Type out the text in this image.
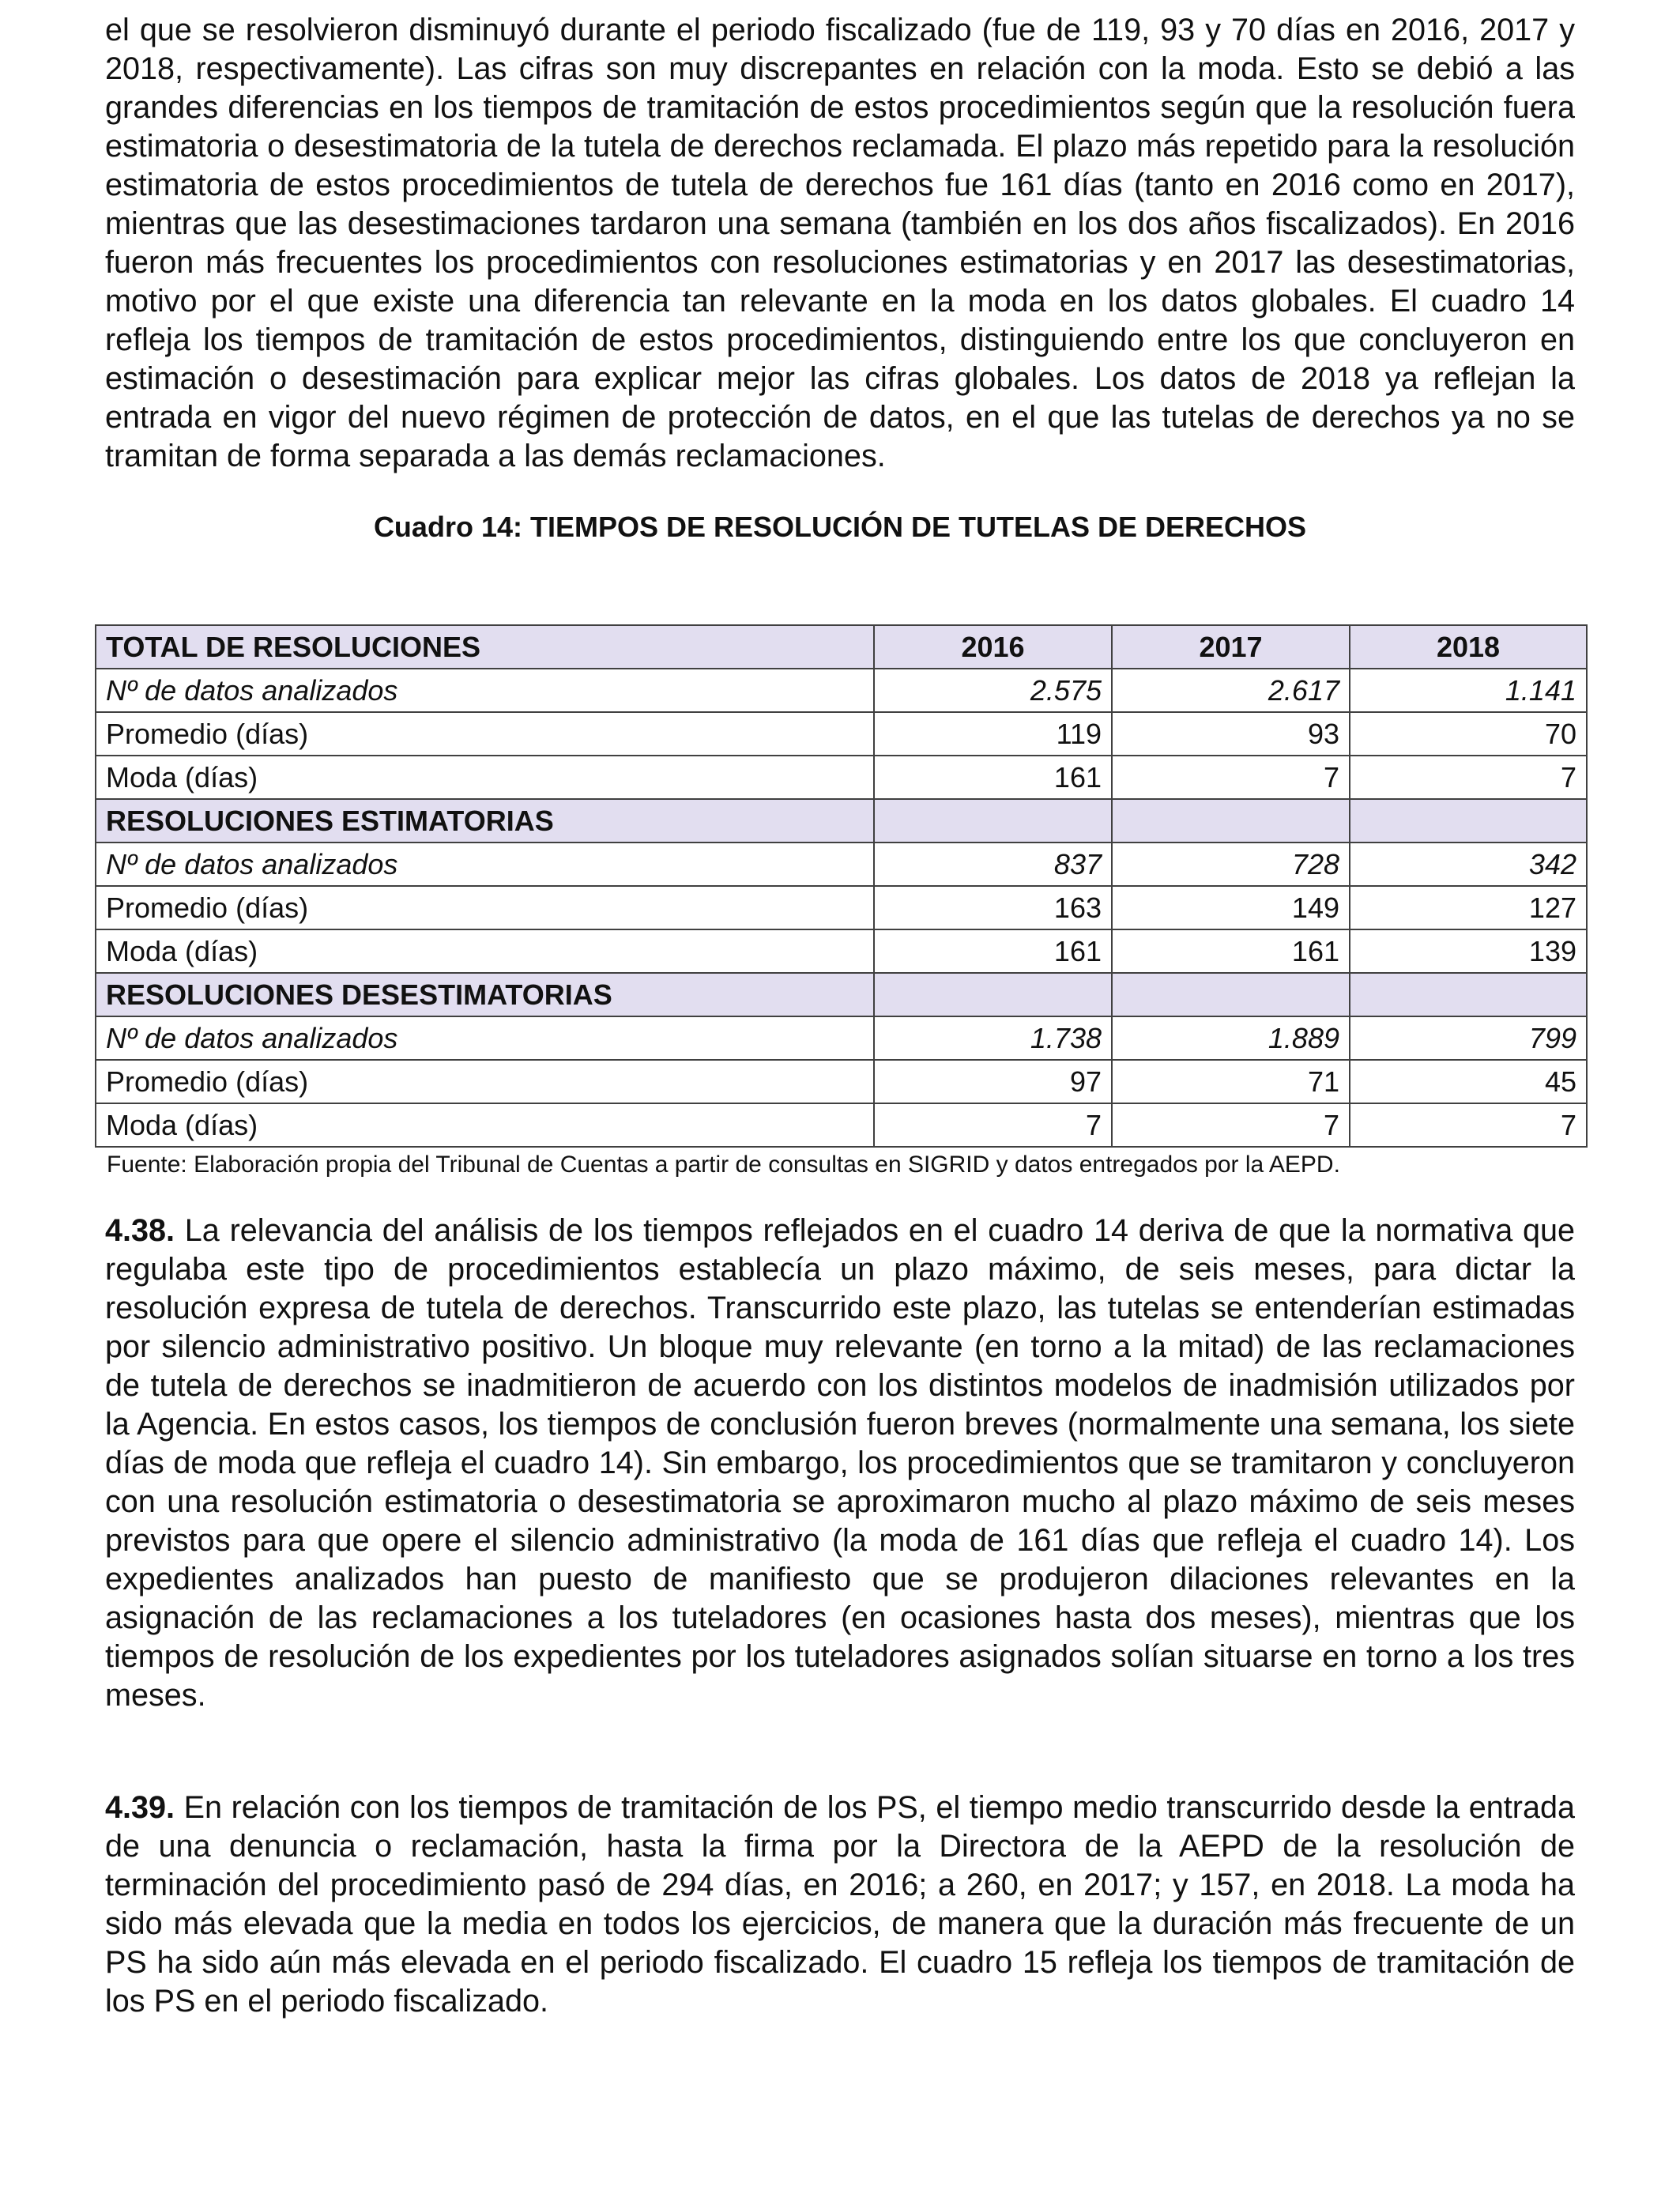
el que se resolvieron disminuyó durante el periodo fiscalizado (fue de 119, 93 y 70 días en 2016, 2017 y 2018, respectivamente). Las cifras son muy discrepantes en relación con la moda. Esto se debió a las grandes diferencias en los tiempos de tramitación de estos procedimientos según que la resolución fuera estimatoria o desestimatoria de la tutela de derechos reclamada. El plazo más repetido para la resolución estimatoria de estos procedimientos de tutela de derechos fue 161 días (tanto en 2016 como en 2017), mientras que las desestimaciones tardaron una semana (también en los dos años fiscalizados). En 2016 fueron más frecuentes los procedimientos con resoluciones estimatorias y en 2017 las desestimatorias, motivo por el que existe una diferencia tan relevante en la moda en los datos globales. El cuadro 14 refleja los tiempos de tramitación de estos procedimientos, distinguiendo entre los que concluyeron en estimación o desestimación para explicar mejor las cifras globales. Los datos de 2018 ya reflejan la entrada en vigor del nuevo régimen de protección de datos, en el que las tutelas de derechos ya no se tramitan de forma separada a las demás reclamaciones.

Cuadro 14: TIEMPOS DE RESOLUCIÓN DE TUTELAS DE DERECHOS
TOTAL DE RESOLUCIONES	2016	2017	2018
Nº de datos analizados	2.575	2.617	1.141
Promedio (días)	119	93	70
Moda (días)	161	7	7
RESOLUCIONES ESTIMATORIAS			
Nº de datos analizados	837	728	342
Promedio (días)	163	149	127
Moda (días)	161	161	139
RESOLUCIONES DESESTIMATORIAS			
Nº de datos analizados	1.738	1.889	799
Promedio (días)	97	71	45
Moda (días)	7	7	7
Fuente: Elaboración propia del Tribunal de Cuentas a partir de consultas en SIGRID y datos entregados por la AEPD.

4.38. La relevancia del análisis de los tiempos reflejados en el cuadro 14 deriva de que la normativa que regulaba este tipo de procedimientos establecía un plazo máximo, de seis meses, para dictar la resolución expresa de tutela de derechos. Transcurrido este plazo, las tutelas se entenderían estimadas por silencio administrativo positivo. Un bloque muy relevante (en torno a la mitad) de las reclamaciones de tutela de derechos se inadmitieron de acuerdo con los distintos modelos de inadmisión utilizados por la Agencia. En estos casos, los tiempos de conclusión fueron breves (normalmente una semana, los siete días de moda que refleja el cuadro 14). Sin embargo, los procedimientos que se tramitaron y concluyeron con una resolución estimatoria o desestimatoria se aproximaron mucho al plazo máximo de seis meses previstos para que opere el silencio administrativo (la moda de 161 días que refleja el cuadro 14). Los expedientes analizados han puesto de manifiesto que se produjeron dilaciones relevantes en la asignación de las reclamaciones a los tuteladores (en ocasiones hasta dos meses), mientras que los tiempos de resolución de los expedientes por los tuteladores asignados solían situarse en torno a los tres meses.

4.39. En relación con los tiempos de tramitación de los PS, el tiempo medio transcurrido desde la entrada de una denuncia o reclamación, hasta la firma por la Directora de la AEPD de la resolución de terminación del procedimiento pasó de 294 días, en 2016; a 260, en 2017; y 157, en 2018. La moda ha sido más elevada que la media en todos los ejercicios, de manera que la duración más frecuente de un PS ha sido aún más elevada en el periodo fiscalizado. El cuadro 15 refleja los tiempos de tramitación de los PS en el periodo fiscalizado.
